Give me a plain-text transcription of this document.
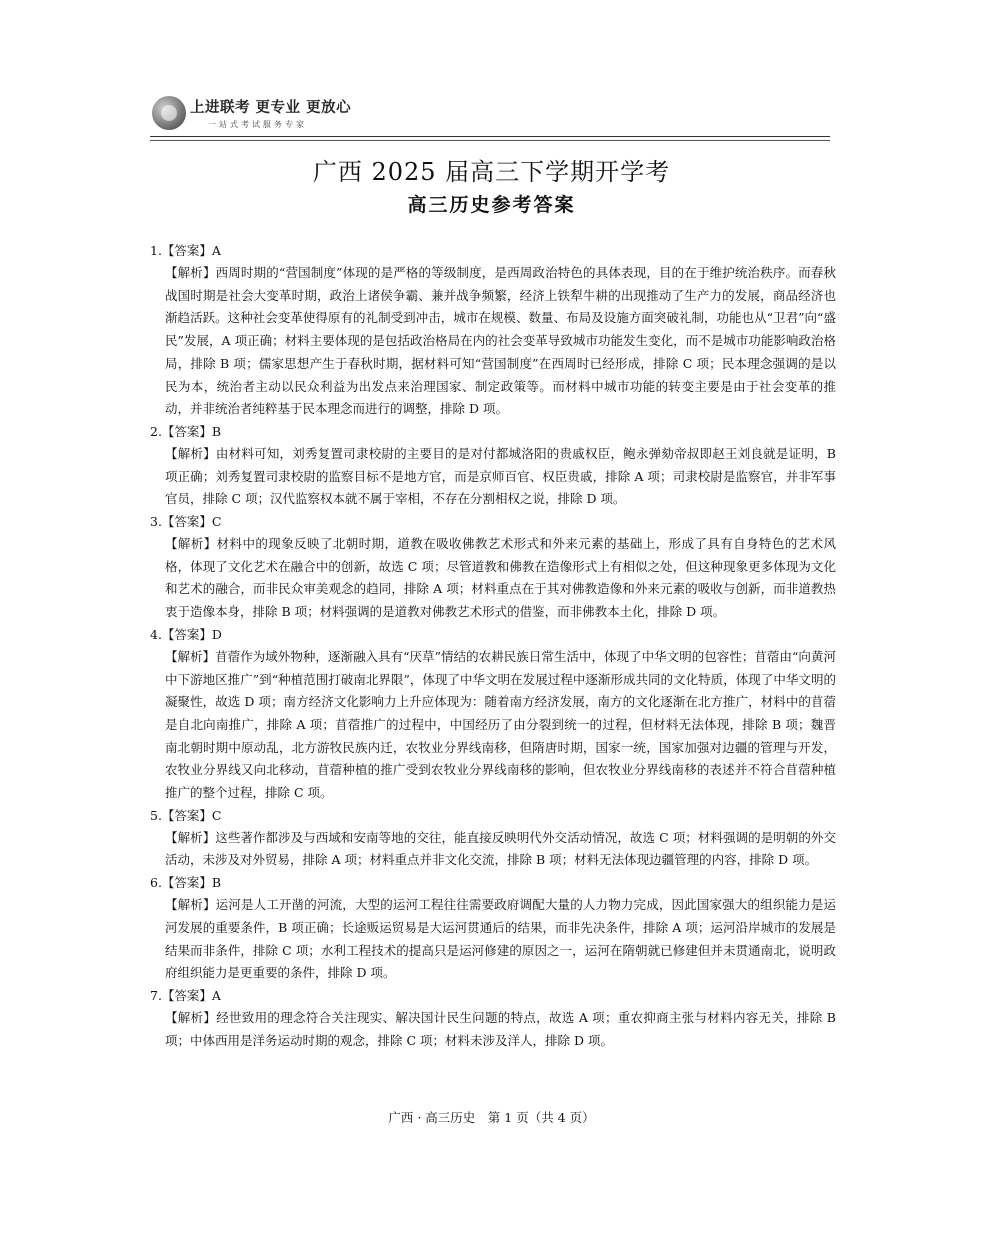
上进联考 更专业 更放心
一站式考试服务专家
广西 2025 届高三下学期开学考
高三历史参考答案
1.【答案】A
【解析】西周时期的“营国制度”体现的是严格的等级制度，是西周政治特色的具体表现，目的在于维护统治秩序。而春秋战国时期是社会大变革时期，政治上诸侯争霸、兼并战争频繁，经济上铁犁牛耕的出现推动了生产力的发展，商品经济也渐趋活跃。这种社会变革使得原有的礼制受到冲击，城市在规模、数量、布局及设施方面突破礼制，功能也从“卫君”向“盛民”发展，A 项正确；材料主要体现的是包括政治格局在内的社会变革导致城市功能发生变化，而不是城市功能影响政治格局，排除 B 项；儒家思想产生于春秋时期，据材料可知“营国制度”在西周时已经形成，排除 C 项；民本理念强调的是以民为本，统治者主动以民众利益为出发点来治理国家、制定政策等。而材料中城市功能的转变主要是由于社会变革的推动，并非统治者纯粹基于民本理念而进行的调整，排除 D 项。
2.【答案】B
【解析】由材料可知，刘秀复置司隶校尉的主要目的是对付都城洛阳的贵戚权臣，鲍永弹劾帝叔即赵王刘良就是证明，B 项正确；刘秀复置司隶校尉的监察目标不是地方官，而是京师百官、权臣贵戚，排除 A 项；司隶校尉是监察官，并非军事官员，排除 C 项；汉代监察权本就不属于宰相，不存在分割相权之说，排除 D 项。
3.【答案】C
【解析】材料中的现象反映了北朝时期，道教在吸收佛教艺术形式和外来元素的基础上，形成了具有自身特色的艺术风格，体现了文化艺术在融合中的创新，故选 C 项；尽管道教和佛教在造像形式上有相似之处，但这种现象更多体现为文化和艺术的融合，而非民众审美观念的趋同，排除 A 项；材料重点在于其对佛教造像和外来元素的吸收与创新，而非道教热衷于造像本身，排除 B 项；材料强调的是道教对佛教艺术形式的借鉴，而非佛教本土化，排除 D 项。
4.【答案】D
【解析】苜蓿作为域外物种，逐渐融入具有“厌草”情结的农耕民族日常生活中，体现了中华文明的包容性；苜蓿由“向黄河中下游地区推广”到“种植范围打破南北界限”，体现了中华文明在发展过程中逐渐形成共同的文化特质，体现了中华文明的凝聚性，故选 D 项；南方经济文化影响力上升应体现为：随着南方经济发展，南方的文化逐渐在北方推广，材料中的苜蓿是自北向南推广，排除 A 项；苜蓿推广的过程中，中国经历了由分裂到统一的过程，但材料无法体现，排除 B 项；魏晋南北朝时期中原动乱，北方游牧民族内迁，农牧业分界线南移，但隋唐时期，国家一统，国家加强对边疆的管理与开发，农牧业分界线又向北移动，苜蓿种植的推广受到农牧业分界线南移的影响，但农牧业分界线南移的表述并不符合苜蓿种植推广的整个过程，排除 C 项。
5.【答案】C
【解析】这些著作都涉及与西域和安南等地的交往，能直接反映明代外交活动情况，故选 C 项；材料强调的是明朝的外交活动，未涉及对外贸易，排除 A 项；材料重点并非文化交流，排除 B 项；材料无法体现边疆管理的内容，排除 D 项。
6.【答案】B
【解析】运河是人工开凿的河流，大型的运河工程往往需要政府调配大量的人力物力完成，因此国家强大的组织能力是运河发展的重要条件，B 项正确；长途贩运贸易是大运河贯通后的结果，而非先决条件，排除 A 项；运河沿岸城市的发展是结果而非条件，排除 C 项；水利工程技术的提高只是运河修建的原因之一，运河在隋朝就已修建但并未贯通南北，说明政府组织能力是更重要的条件，排除 D 项。
7.【答案】A
【解析】经世致用的理念符合关注现实、解决国计民生问题的特点，故选 A 项；重农抑商主张与材料内容无关，排除 B 项；中体西用是洋务运动时期的观念，排除 C 项；材料未涉及洋人，排除 D 项。
广西 · 高三历史　第 1 页（共 4 页）
